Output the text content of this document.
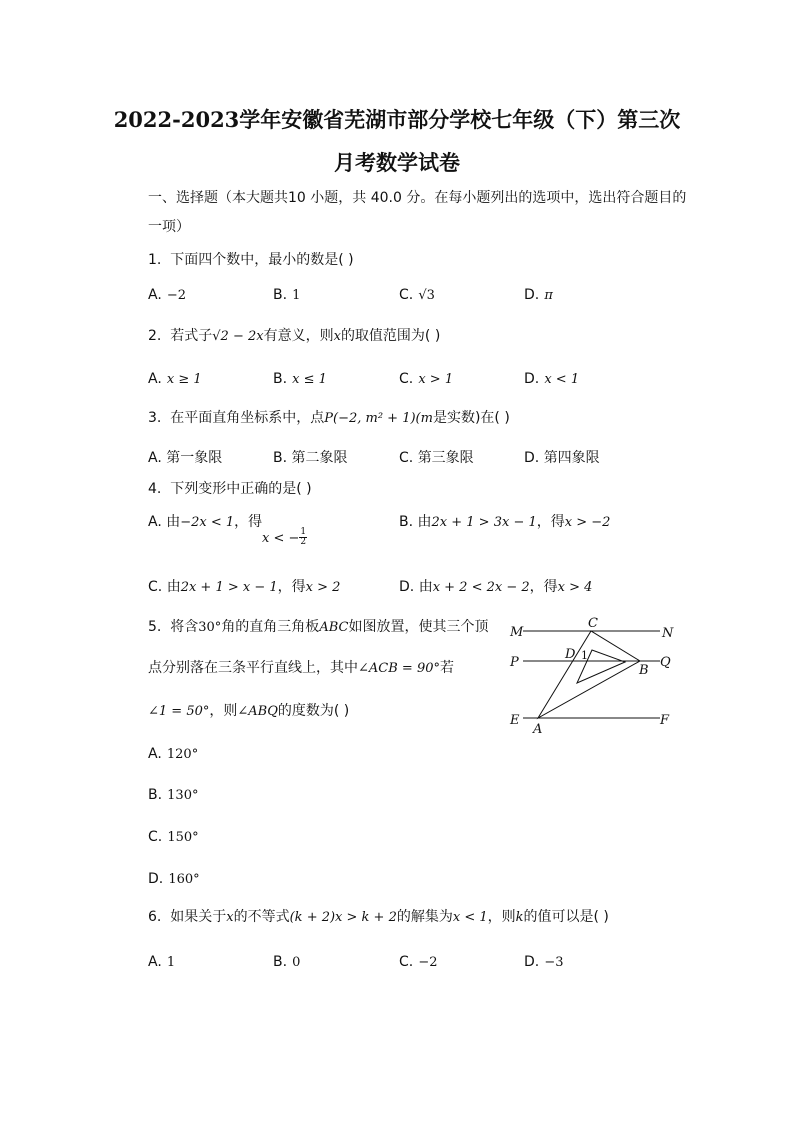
2022-2023学年安徽省芜湖市部分学校七年级（下）第三次
月考数学试卷
一、选择题（本大题共10 小题，共 40.0 分。在每小题列出的选项中，选出符合题目的
一项）
1. 下面四个数中，最小的数是( )
A. −2	B. 1	C. √3	D. π
2. 若式子√2 − 2x有意义，则x的取值范围为( )
A. x ≥ 1	B. x ≤ 1	C. x > 1	D. x < 1
3. 在平面直角坐标系中，点P(−2, m² + 1)(m是实数)在( )
A. 第一象限	B. 第二象限	C. 第三象限	D. 第四象限
4. 下列变形中正确的是( )
A. 由−2x < 1，得
x < − $\frac{1}{2}$
B. 由2x + 1 > 3x − 1，得x > −2
C. 由2x + 1 > x − 1，得x > 2	D. 由x + 2 < 2x − 2，得x > 4
5. 将含30°角的直角三角板ABC如图放置，使其三个顶
点分别落在三条平行直线上，其中∠ACB = 90°若
∠1 = 50°，则∠ABQ的度数为( )
A. 120°
B. 130°
C. 150°
D. 160°
M	N
C
P
D 1
B
Q
E
A
F
6. 如果关于x的不等式(k + 2)x > k + 2的解集为x < 1，则k的值可以是( )
A. 1	B. 0	C. −2	D. −3
